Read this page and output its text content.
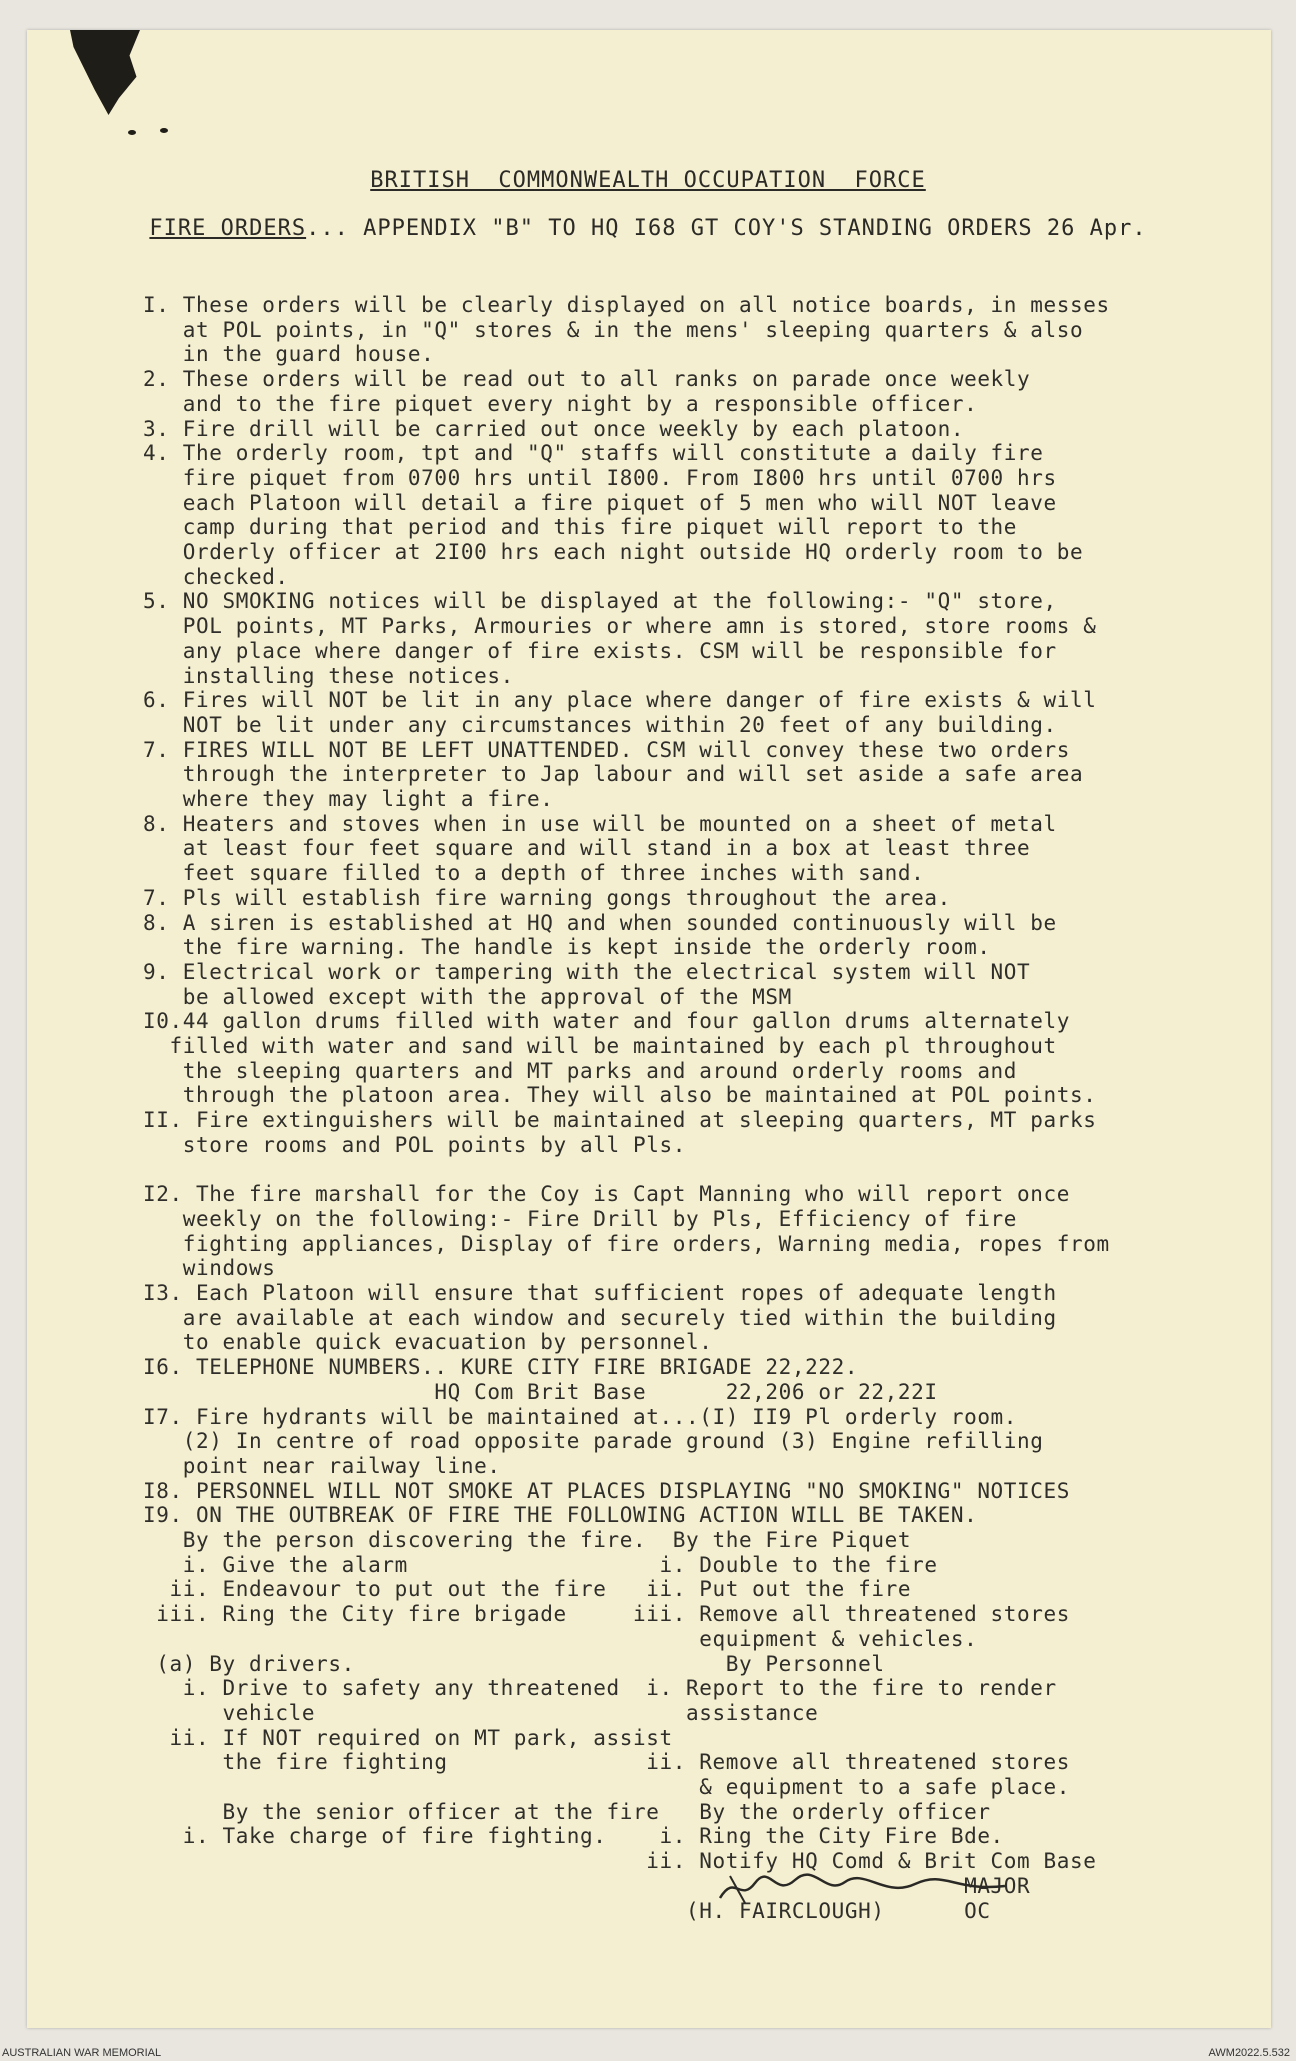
BRITISH  COMMONWEALTH OCCUPATION  FORCE
FIRE ORDERS... APPENDIX "B" TO HQ I68 GT COY'S STANDING ORDERS 26 Apr.
I. These orders will be clearly displayed on all notice boards, in messes
at POL points, in "Q" stores & in the mens' sleeping quarters & also
in the guard house.
2. These orders will be read out to all ranks on parade once weekly
and to the fire piquet every night by a responsible officer.
3. Fire drill will be carried out once weekly by each platoon.
4. The orderly room, tpt and "Q" staffs will constitute a daily fire
fire piquet from 0700 hrs until I800. From I800 hrs until 0700 hrs
each Platoon will detail a fire piquet of 5 men who will NOT leave
camp during that period and this fire piquet will report to the
Orderly officer at 2I00 hrs each night outside HQ orderly room to be
checked.
5. NO SMOKING notices will be displayed at the following:- "Q" store,
POL points, MT Parks, Armouries or where amn is stored, store rooms &
any place where danger of fire exists. CSM will be responsible for
installing these notices.
6. Fires will NOT be lit in any place where danger of fire exists & will
NOT be lit under any circumstances within 20 feet of any building.
7. FIRES WILL NOT BE LEFT UNATTENDED. CSM will convey these two orders
through the interpreter to Jap labour and will set aside a safe area
where they may light a fire.
8. Heaters and stoves when in use will be mounted on a sheet of metal
at least four feet square and will stand in a box at least three
feet square filled to a depth of three inches with sand.
7. Pls will establish fire warning gongs throughout the area.
8. A siren is established at HQ and when sounded continuously will be
the fire warning. The handle is kept inside the orderly room.
9. Electrical work or tampering with the electrical system will NOT
be allowed except with the approval of the MSM
I0.44 gallon drums filled with water and four gallon drums alternately
filled with water and sand will be maintained by each pl throughout
the sleeping quarters and MT parks and around orderly rooms and
through the platoon area. They will also be maintained at POL points.
II. Fire extinguishers will be maintained at sleeping quarters, MT parks
store rooms and POL points by all Pls.
I2. The fire marshall for the Coy is Capt Manning who will report once
weekly on the following:- Fire Drill by Pls, Efficiency of fire
fighting appliances, Display of fire orders, Warning media, ropes from
windows
I3. Each Platoon will ensure that sufficient ropes of adequate length
are available at each window and securely tied within the building
to enable quick evacuation by personnel.
I6. TELEPHONE NUMBERS.. KURE CITY FIRE BRIGADE 22,222.
HQ Com Brit Base      22,206 or 22,22I
I7. Fire hydrants will be maintained at...(I) II9 Pl orderly room.
(2) In centre of road opposite parade ground (3) Engine refilling
point near railway line.
I8. PERSONNEL WILL NOT SMOKE AT PLACES DISPLAYING "NO SMOKING" NOTICES
I9. ON THE OUTBREAK OF FIRE THE FOLLOWING ACTION WILL BE TAKEN.
By the person discovering the fire.  By the Fire Piquet
i. Give the alarm                   i. Double to the fire
ii. Endeavour to put out the fire   ii. Put out the fire
iii. Ring the City fire brigade     iii. Remove all threatened stores
equipment & vehicles.
(a) By drivers.                            By Personnel
i. Drive to safety any threatened  i. Report to the fire to render
vehicle                            assistance
ii. If NOT required on MT park, assist
the fire fighting               ii. Remove all threatened stores
& equipment to a safe place.
By the senior officer at the fire   By the orderly officer
i. Take charge of fire fighting.    i. Ring the City Fire Bde.
ii. Notify HQ Comd & Brit Com Base
MAJOR
(H. FAIRCLOUGH)      OC
AUSTRALIAN WAR MEMORIAL	AWM2022.5.532
